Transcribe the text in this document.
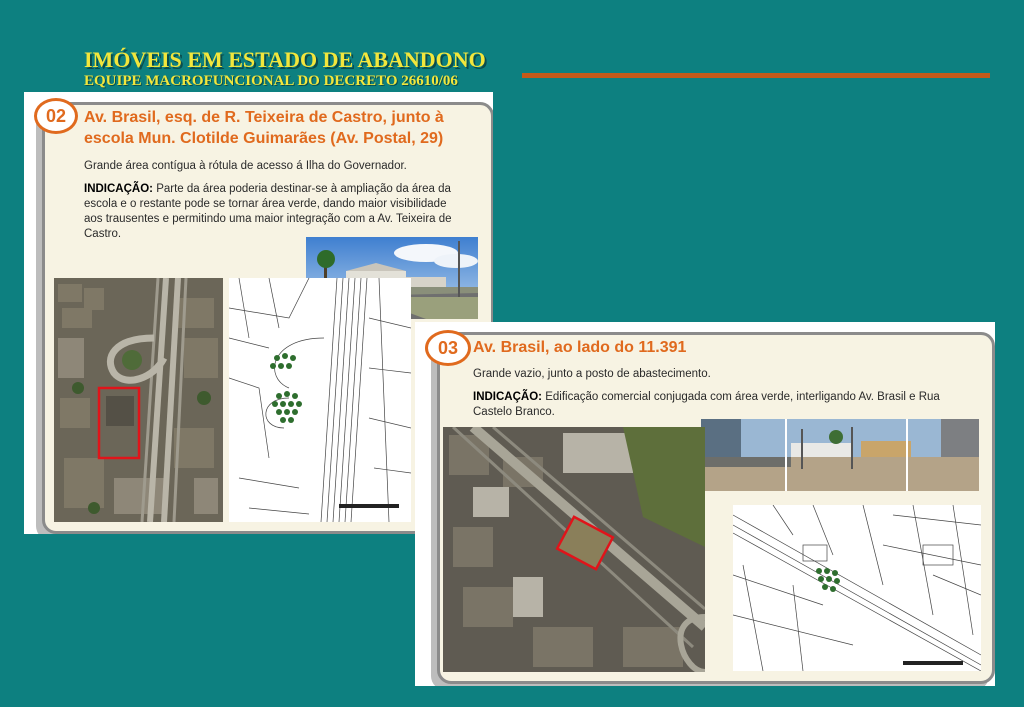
IMÓVEIS EM ESTADO DE ABANDONO
EQUIPE MACROFUNCIONAL DO DECRETO 26610/06
02	Av. Brasil, esq. de R. Teixeira de Castro, junto à escola Mun. Clotilde Guimarães (Av. Postal, 29)
Grande área contígua à rótula de acesso á Ilha do Governador.
INDICAÇÃO: Parte da área poderia destinar-se à ampliação da área da escola e o restante pode se tornar área verde, dando maior visibilidade aos trausentes e permitindo uma maior integração com a Av. Teixeira de Castro.
03 Av. Brasil, ao lado do 11.391
Grande vazio, junto a posto de abastecimento.
INDICAÇÃO: Edificação comercial conjugada com área verde, interligando Av. Brasil e Rua Castelo Branco.
